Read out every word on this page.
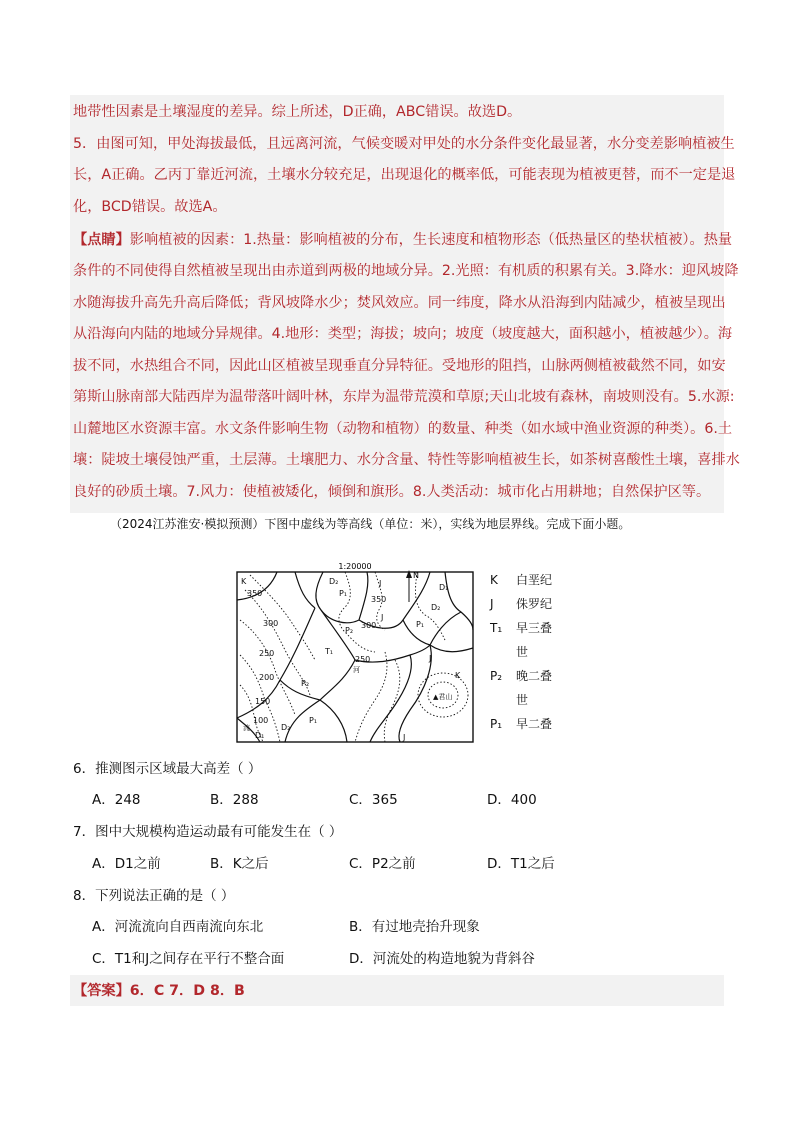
地带性因素是土壤湿度的差异。综上所述，D正确，ABC错误。故选D。
5．由图可知，甲处海拔最低，且远离河流，气候变暖对甲处的水分条件变化最显著，水分变差影响植被生
长，A正确。乙丙丁靠近河流，土壤水分较充足，出现退化的概率低，可能表现为植被更替，而不一定是退
化，BCD错误。故选A。
【点睛】影响植被的因素：1.热量：影响植被的分布，生长速度和植物形态（低热量区的垫状植被）。热量
条件的不同使得自然植被呈现出由赤道到两极的地域分异。2.光照：有机质的积累有关。3.降水：迎风坡降
水随海拔升高先升高后降低；背风坡降水少；焚风效应。同一纬度，降水从沿海到内陆减少，植被呈现出
从沿海向内陆的地域分异规律。4.地形：类型；海拔；坡向；坡度（坡度越大，面积越小，植被越少）。海
拔不同，水热组合不同，因此山区植被呈现垂直分异特征。受地形的阻挡，山脉两侧植被截然不同，如安
第斯山脉南部大陆西岸为温带落叶阔叶林，东岸为温带荒漠和草原;天山北坡有森林，南坡则没有。5.水源:
山麓地区水资源丰富。水文条件影响生物（动物和植物）的数量、种类（如水域中渔业资源的种类）。6.土
壤：陡坡土壤侵蚀严重，土层薄。土壤肥力、水分含量、特性等影响植被生长，如茶树喜酸性土壤，喜排水
良好的砂质土壤。7.风力：使植被矮化，倾倒和旗形。8.人类活动：城市化占用耕地；自然保护区等。
（2024江苏淮安·模拟预测）下图中虚线为等高线（单位：米），实线为地层界线。完成下面小题。
1:20000
N
K	D₂
P₁
J	D₁
D₂
P₁
J
P₂
T₁
J
K
P₂
P₁
D₂
D₁	J
350
350
300	300
250
250
200
150
100
河
流
▲君山
K 白垩纪
J 侏罗纪
T₁ 早三叠
世
P₂ 晚二叠
世
P₁ 早二叠
6．推测图示区域最大高差（ ）
A．248	B．288	C．365	D．400
7．图中大规模构造运动最有可能发生在（ ）
A．D1之前	B．K之后	C．P2之前	D．T1之后
8．下列说法正确的是（ ）
A．河流流向自西南流向东北	B．有过地壳抬升现象
C．T1和J之间存在平行不整合面	D．河流处的构造地貌为背斜谷
【答案】6．C 7．D 8．B
